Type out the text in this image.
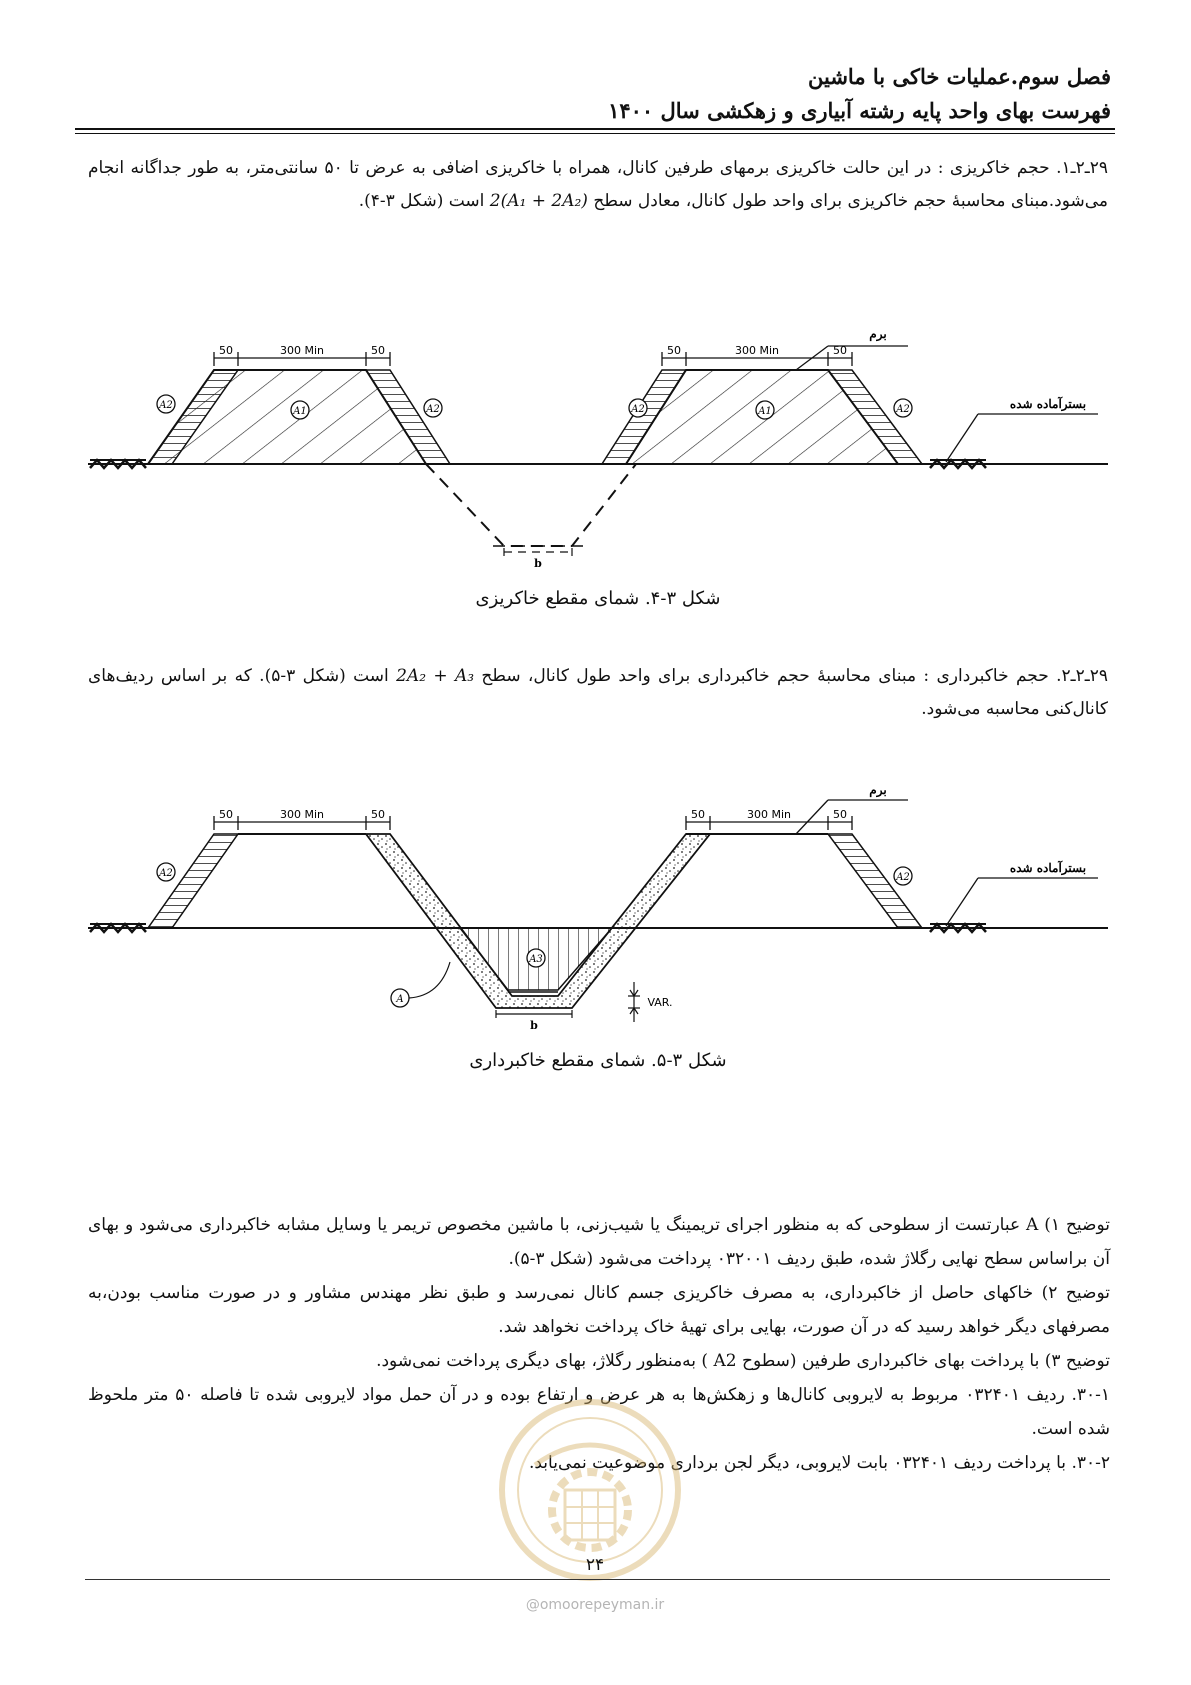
فصل سوم.عملیات خاکی با ماشین
فهرست بهای واحد پایه رشته آبیاری و زهکشی سال ۱۴۰۰
۲۹ـ۲ـ۱. حجم خاکریزی : در این حالت خاکریزی برمهای طرفین کانال، همراه با خاکریزی اضافی به عرض تا ۵۰ سانتی‌متر، به طور جداگانه انجام می‌شود.مبنای محاسبهٔ حجم خاکریزی برای واحد طول کانال، معادل سطح 2(A₁ + 2A₂) است (شکل ۳-۴).
50	300 Min	50	50	300 Min	50
برم
بسترآماده شده
A2
A1	A2	A2	A1	A2
b
شکل ۳-۴. شمای مقطع خاکریزی
۲۹ـ۲ـ۲. حجم خاکبرداری : مبنای محاسبهٔ حجم خاکبرداری برای واحد طول کانال، سطح 2A₂ + A₃ است (شکل ۳-۵). که بر اساس ردیف‌های کانال‌کنی محاسبه می‌شود.
50	300 Min	50	50	300 Min	50
برم
بسترآماده شده
A2	A2
A3
A	VAR.
b
شکل ۳-۵. شمای مقطع خاکبرداری

توضیح ۱) A عبارتست از سطوحی که به منظور اجرای تریمینگ یا شیب‌زنی، با ماشین مخصوص تریمر یا وسایل مشابه خاکبرداری می‌شود و بهای آن براساس سطح نهایی رگلاژ شده، طبق ردیف ۰۳۲۰۰۱ پرداخت می‌شود (شکل ۳-۵).

توضیح ۲) خاکهای حاصل از خاکبرداری، به مصرف خاکریزی جسم کانال نمی‌رسد و طبق نظر مهندس مشاور و در صورت مناسب بودن،به مصرفهای دیگر خواهد رسید که در آن صورت، بهایی برای تهیهٔ خاک پرداخت نخواهد شد.

توضیح ۳) با پرداخت بهای خاکبرداری طرفین (سطوح A2 ) به‌منظور رگلاژ، بهای دیگری پرداخت نمی‌شود.

۳۰-۱. ردیف ۰۳۲۴۰۱ مربوط به لایروبی کانال‌ها و زهکش‌ها به هر عرض و ارتفاع بوده و در آن حمل مواد لایروبی شده تا فاصله ۵۰ متر ملحوظ شده است.

۳۰-۲. با پرداخت ردیف ۰۳۲۴۰۱ بابت لایروبی، دیگر لجن برداری موضوعیت نمی‌یابد.

۲۴
@omoorepeyman.ir
